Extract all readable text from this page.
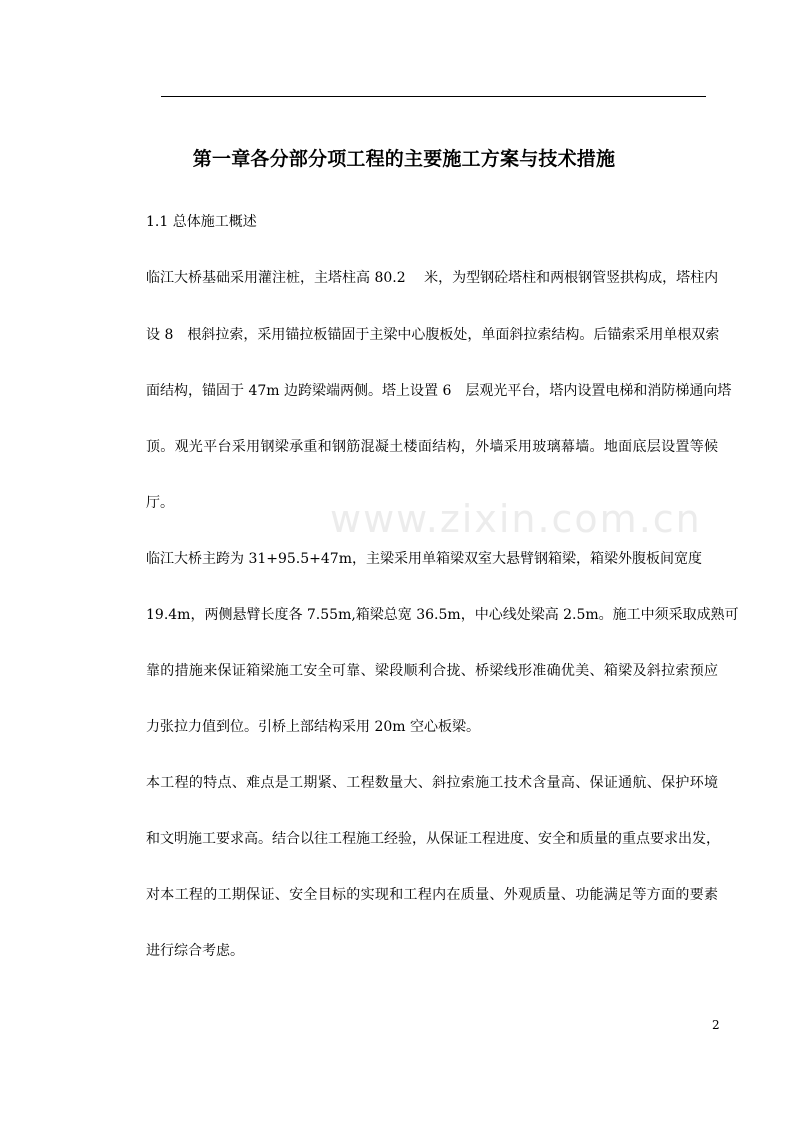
www.zixin.com.cn
第一章各分部分项工程的主要施工方案与技术措施
1.1 总体施工概述
临江大桥基础采用灌注桩，主塔柱高 80.2　 米，为型钢砼塔柱和两根钢管竖拱构成，塔柱内
设 8　根斜拉索，采用锚拉板锚固于主梁中心腹板处，单面斜拉索结构。后锚索采用单根双索
面结构，锚固于 47m 边跨梁端两侧。塔上设置 6　层观光平台，塔内设置电梯和消防梯通向塔
顶。观光平台采用钢梁承重和钢筋混凝土楼面结构，外墙采用玻璃幕墙。地面底层设置等候
厅。
临江大桥主跨为 31+95.5+47m，主梁采用单箱梁双室大悬臂钢箱梁，箱梁外腹板间宽度
19.4m，两侧悬臂长度各 7.55m,箱梁总宽 36.5m，中心线处梁高 2.5m。施工中须采取成熟可
靠的措施来保证箱梁施工安全可靠、梁段顺利合拢、桥梁线形准确优美、箱梁及斜拉索预应
力张拉力值到位。引桥上部结构采用 20m 空心板梁。
本工程的特点、难点是工期紧、工程数量大、斜拉索施工技术含量高、保证通航、保护环境
和文明施工要求高。结合以往工程施工经验，从保证工程进度、安全和质量的重点要求出发，
对本工程的工期保证、安全目标的实现和工程内在质量、外观质量、功能满足等方面的要素
进行综合考虑。
2
